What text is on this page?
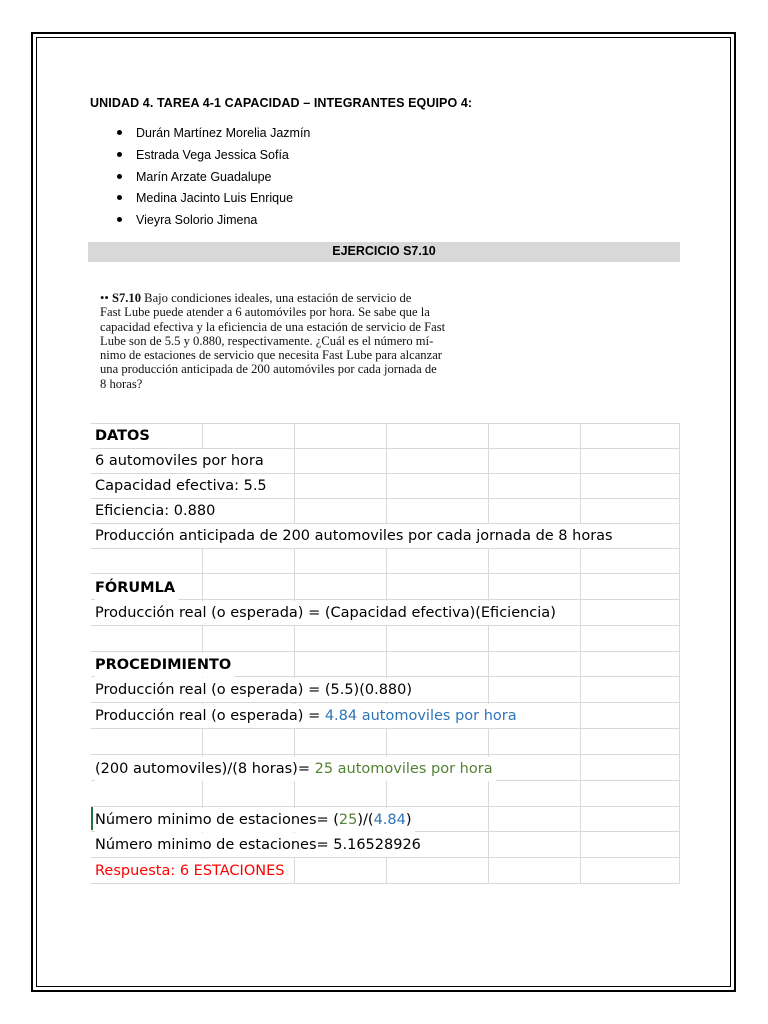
UNIDAD 4. TAREA 4-1 CAPACIDAD – INTEGRANTES EQUIPO 4:
Durán Martínez Morelia Jazmín
Estrada Vega Jessica Sofía
Marín Arzate Guadalupe
Medina Jacinto Luis Enrique
Vieyra Solorio Jimena
EJERCICIO S7.10
•• S7.10 Bajo condiciones ideales, una estación de servicio de
Fast Lube puede atender a 6 automóviles por hora. Se sabe que la
capacidad efectiva y la eficiencia de una estación de servicio de Fast
Lube son de 5.5 y 0.880, respectivamente. ¿Cuál es el número mí-
nimo de estaciones de servicio que necesita Fast Lube para alcanzar
una producción anticipada de 200 automóviles por cada jornada de
8 horas?
DATOS
6 automoviles por hora
Capacidad efectiva: 5.5
Eficiencia: 0.880
Producción anticipada de 200 automoviles por cada jornada de 8 horas
FÓRUMLA
Producción real (o esperada) = (Capacidad efectiva)(Eficiencia)
PROCEDIMIENTO
Producción real (o esperada) = (5.5)(0.880)
Producción real (o esperada) = 4.84 automoviles por hora
(200 automoviles)/(8 horas)= 25 automoviles por hora
Número minimo de estaciones= (25)/(4.84)
Número minimo de estaciones= 5.16528926
Respuesta: 6 ESTACIONES
